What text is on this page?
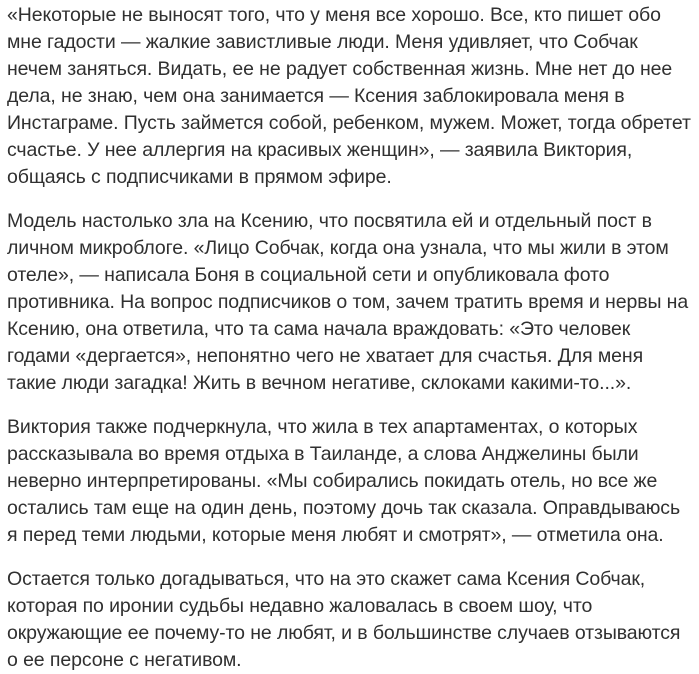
«Некоторые не выносят того, что у меня все хорошо. Все, кто пишет обо мне гадости — жалкие завистливые люди. Меня удивляет, что Собчак нечем заняться. Видать, ее не радует собственная жизнь. Мне нет до нее дела, не знаю, чем она занимается — Ксения заблокировала меня в Инстаграме. Пусть займется собой, ребенком, мужем. Может, тогда обретет счастье. У нее аллергия на красивых женщин», — заявила Виктория, общаясь с подписчиками в прямом эфире.

Модель настолько зла на Ксению, что посвятила ей и отдельный пост в личном микроблоге. «Лицо Собчак, когда она узнала, что мы жили в этом отеле», — написала Боня в социальной сети и опубликовала фото противника. На вопрос подписчиков о том, зачем тратить время и нервы на Ксению, она ответила, что та сама начала враждовать: «Это человек годами «дергается», непонятно чего не хватает для счастья. Для меня такие люди загадка! Жить в вечном негативе, склоками какими-то...».

Виктория также подчеркнула, что жила в тех апартаментах, о которых рассказывала во время отдыха в Таиланде, а слова Анджелины были неверно интерпретированы. «Мы собирались покидать отель, но все же остались там еще на один день, поэтому дочь так сказала. Оправдываюсь я перед теми людьми, которые меня любят и смотрят», — отметила она.

Остается только догадываться, что на это скажет сама Ксения Собчак, которая по иронии судьбы недавно жаловалась в своем шоу, что окружающие ее почему-то не любят, и в большинстве случаев отзываются о ее персоне с негативом.
